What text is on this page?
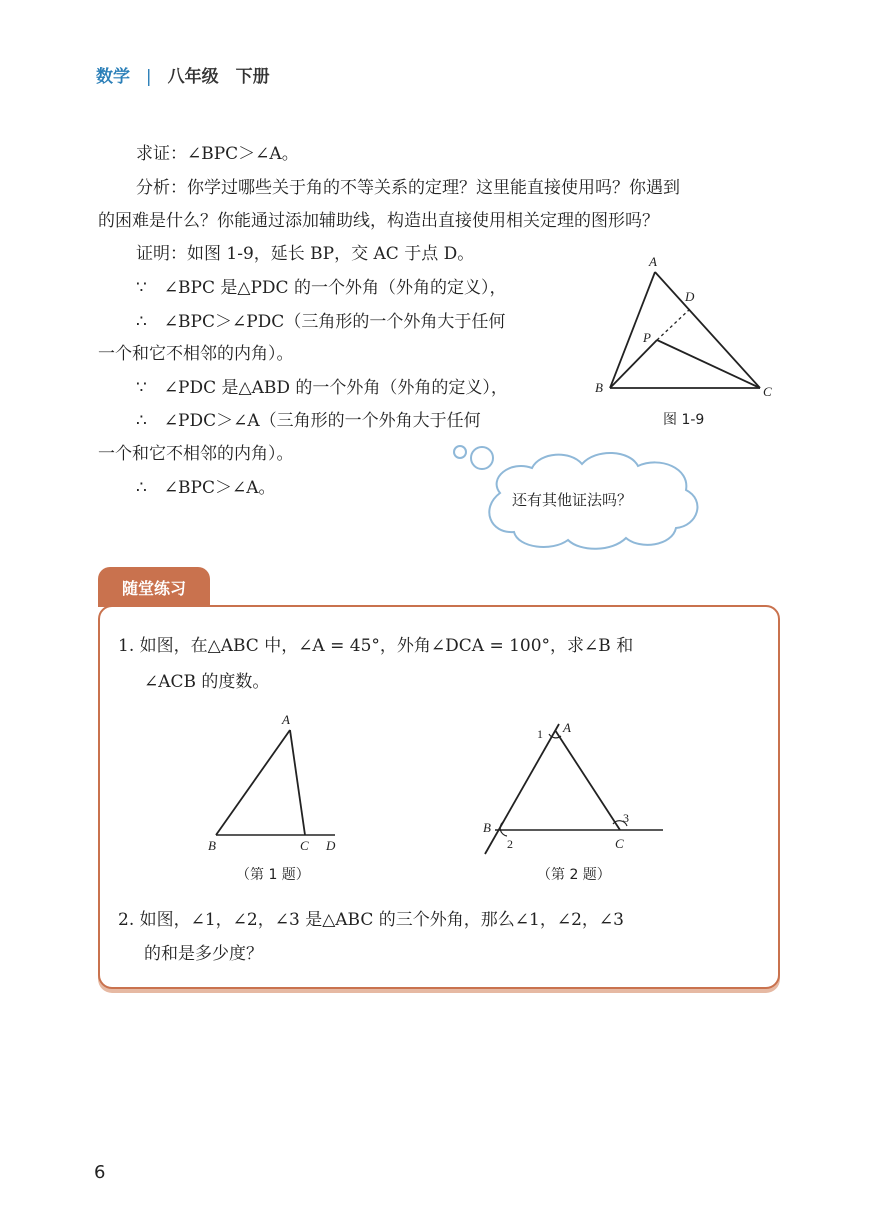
数学 | 八年级　下册
求证：∠BPC＞∠A。
分析：你学过哪些关于角的不等关系的定理？这里能直接使用吗？你遇到
的困难是什么？你能通过添加辅助线，构造出直接使用相关定理的图形吗？
证明：如图 1-9，延长 BP，交 AC 于点 D。
∵　∠BPC 是△PDC 的一个外角（外角的定义），
∴　∠BPC＞∠PDC（三角形的一个外角大于任何
一个和它不相邻的内角）。
∵　∠PDC 是△ABD 的一个外角（外角的定义），
∴　∠PDC＞∠A（三角形的一个外角大于任何
一个和它不相邻的内角）。
∴　∠BPC＞∠A。
A
B	C
D
P
图 1-9
还有其他证法吗？
随堂练习
1. 如图，在△ABC 中，∠A = 45°，外角∠DCA = 100°，求∠B 和
∠ACB 的度数。
A
B	C D
（第 1 题）
A
B
C
1
2
3
（第 2 题）
2. 如图，∠1，∠2，∠3 是△ABC 的三个外角，那么∠1，∠2，∠3
的和是多少度？
6
